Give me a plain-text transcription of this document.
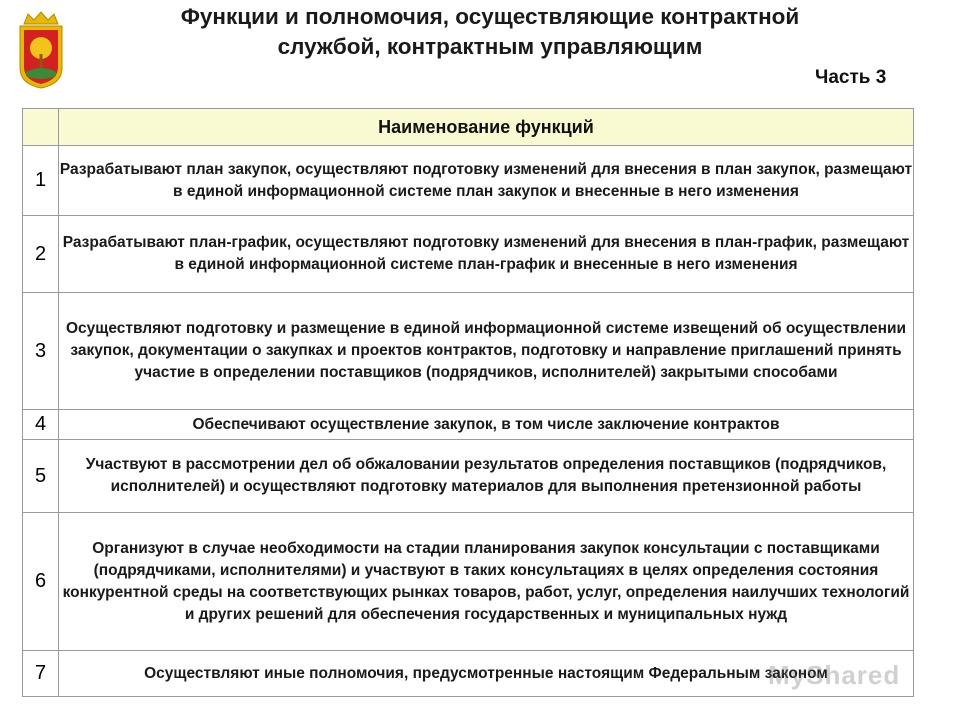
Функции и полномочия, осуществляющие контрактной
службой, контрактным управляющим
Часть 3
	Наименование функций
1	Разрабатывают план закупок, осуществляют подготовку изменений для внесения в план закупок, размещают в единой информационной системе план закупок и внесенные в него изменения
2	Разрабатывают план-график, осуществляют подготовку изменений для внесения в план-график, размещают в единой информационной системе план-график и внесенные в него изменения
3	Осуществляют подготовку и размещение в единой информационной системе извещений об осуществлении закупок, документации о закупках и проектов контрактов, подготовку и направление приглашений принять участие в определении поставщиков (подрядчиков, исполнителей) закрытыми способами
4	Обеспечивают осуществление закупок, в том числе заключение контрактов
5	Участвуют в рассмотрении дел об обжаловании результатов определения поставщиков (подрядчиков, исполнителей) и осуществляют подготовку материалов для выполнения претензионной работы
6	Организуют в случае необходимости на стадии планирования закупок консультации с поставщиками (подрядчиками, исполнителями) и участвуют в таких консультациях в целях определения состояния конкурентной среды на соответствующих рынках товаров, работ, услуг, определения наилучших технологий и других решений для обеспечения государственных и муниципальных нужд
7	Осуществляют иные полномочия, предусмотренные настоящим Федеральным законом
MyShared
